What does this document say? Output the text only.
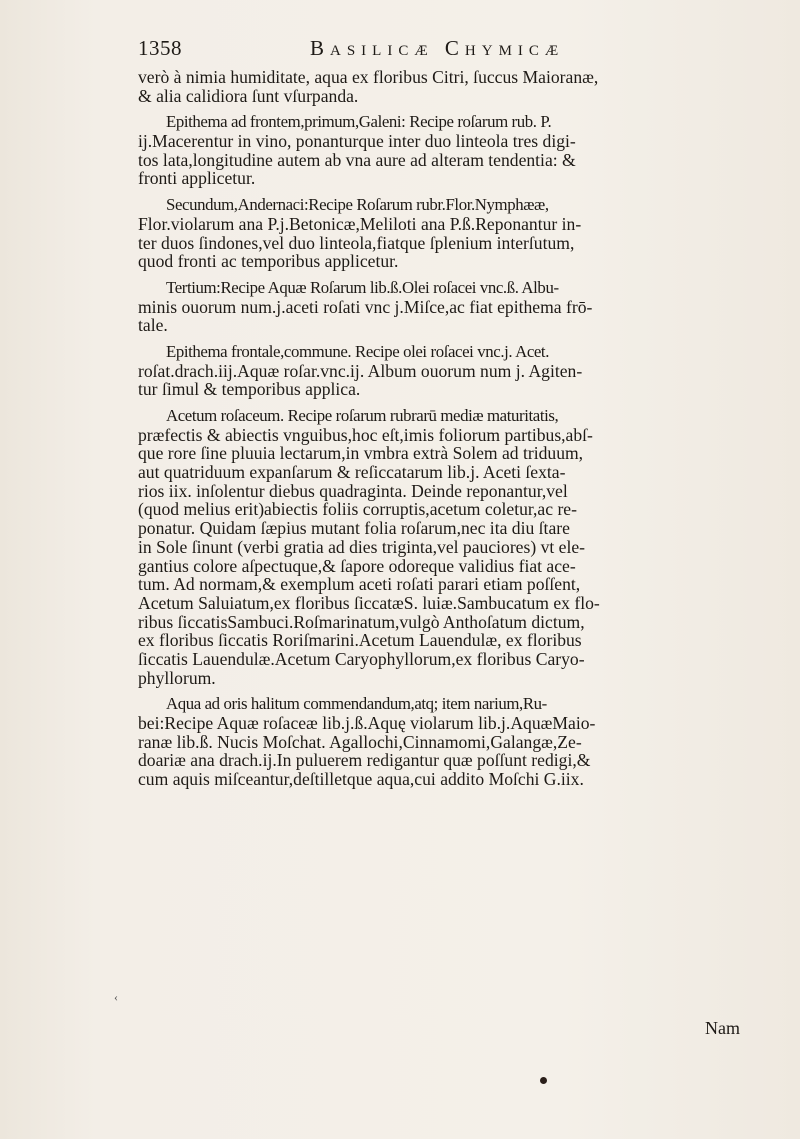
1358	Basilicæ Chymicæ
verò à nimia humiditate, aqua ex floribus Citri, ſuccus Maioranæ,
& alia calidiora ſunt vſurpanda.
Epithema ad frontem,primum,Galeni: Recipe roſarum rub. P.
ij.Macerentur in vino, ponanturque inter duo linteola tres digi-
tos lata,longitudine autem ab vna aure ad alteram tendentia: &
fronti applicetur.
Secundum,Andernaci:Recipe Roſarum rubr.Flor.Nymphææ,
Flor.violarum ana P.j.Betonicæ,Meliloti ana P.ß.Reponantur in-
ter duos ſindones,vel duo linteola,fiatque ſplenium interſutum,
quod fronti ac temporibus applicetur.
Tertium:Recipe Aquæ Roſarum lib.ß.Olei roſacei vnc.ß. Albu-
minis ouorum num.j.aceti roſati vnc j.Miſce,ac fiat epithema frō-
tale.
Epithema frontale,commune. Recipe olei roſacei vnc.j. Acet.
roſat.drach.iij.Aquæ roſar.vnc.ij. Album ouorum num j. Agiten-
tur ſimul & temporibus applica.
Acetum roſaceum. Recipe roſarum rubrarū mediæ maturitatis,
præfectis & abiectis vnguibus,hoc eſt,imis foliorum partibus,abſ-
que rore ſine pluuia lectarum,in vmbra extrà Solem ad triduum,
aut quatriduum expanſarum & reſiccatarum lib.j. Aceti ſexta-
rios iix. inſolentur diebus quadraginta. Deinde reponantur,vel
(quod melius erit)abiectis foliis corruptis,acetum coletur,ac re-
ponatur. Quidam ſæpius mutant folia roſarum,nec ita diu ſtare
in Sole ſinunt (verbi gratia ad dies triginta,vel pauciores) vt ele-
gantius colore aſpectuque,& ſapore odoreque validius fiat ace-
tum. Ad normam,& exemplum aceti roſati parari etiam poſſent,
Acetum Saluiatum,ex floribus ſiccatæS. luiæ.Sambucatum ex flo-
ribus ſiccatisSambuci.Roſmarinatum,vulgò Anthoſatum dictum,
ex floribus ſiccatis Roriſmarini.Acetum Lauendulæ, ex floribus
ſiccatis Lauendulæ.Acetum Caryophyllorum,ex floribus Caryo-
phyllorum.
Aqua ad oris halitum commendandum,atq; item narium,Ru-
bei:Recipe Aquæ roſaceæ lib.j.ß.Aquę violarum lib.j.AquæMaio-
ranæ lib.ß. Nucis Moſchat. Agallochi,Cinnamomi,Galangæ,Ze-
doariæ ana drach.ij.In puluerem redigantur quæ poſſunt redigi,&
cum aquis miſceantur,deſtilletque aqua,cui addito Moſchi G.iix.
‹
Nam
